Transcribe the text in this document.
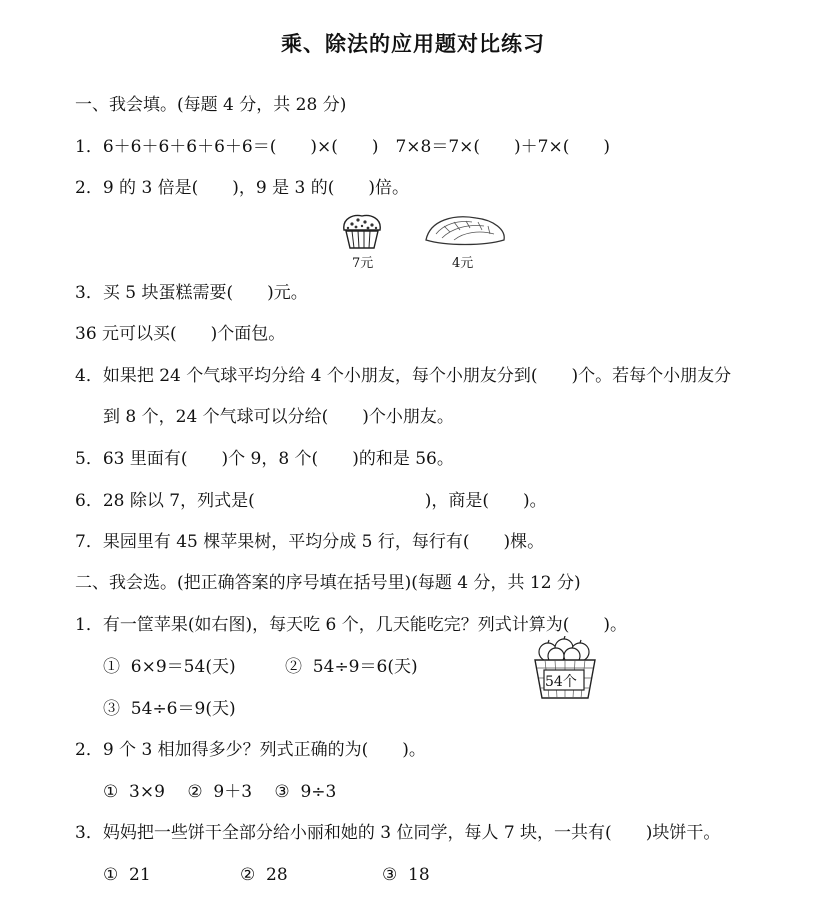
乘、除法的应用题对比练习
一、我会填。(每题 4 分，共 28 分)
1．6＋6＋6＋6＋6＋6＝(　　)×(　　)　7×8＝7×(　　)＋7×(　　)
2．9 的 3 倍是(　　)，9 是 3 的(　　)倍。
7元	4元
3．买 5 块蛋糕需要(　　)元。
36 元可以买(　　)个面包。
4．如果把 24 个气球平均分给 4 个小朋友，每个小朋友分到(　　)个。若每个小朋友分
到 8 个，24 个气球可以分给(　　)个小朋友。
5．63 里面有(　　)个 9，8 个(　　)的和是 56。
6．28 除以 7，列式是(　　　　　　　　　　)，商是(　　)。
7．果园里有 45 棵苹果树，平均分成 5 行，每行有(　　)棵。
二、我会选。(把正确答案的序号填在括号里)(每题 4 分，共 12 分)
1．有一筐苹果(如右图)，每天吃 6 个，几天能吃完？列式计算为(　　)。
①  6×9＝54(天)	②  54÷9＝6(天)
③  54÷6＝9(天)
54个
2．9 个 3 相加得多少？列式正确的为(　　)。
①  3×9　 ②  9＋3　 ③  9÷3
3．妈妈把一些饼干全部分给小丽和她的 3 位同学，每人 7 块，一共有(　　)块饼干。
①  21	②  28	③  18
